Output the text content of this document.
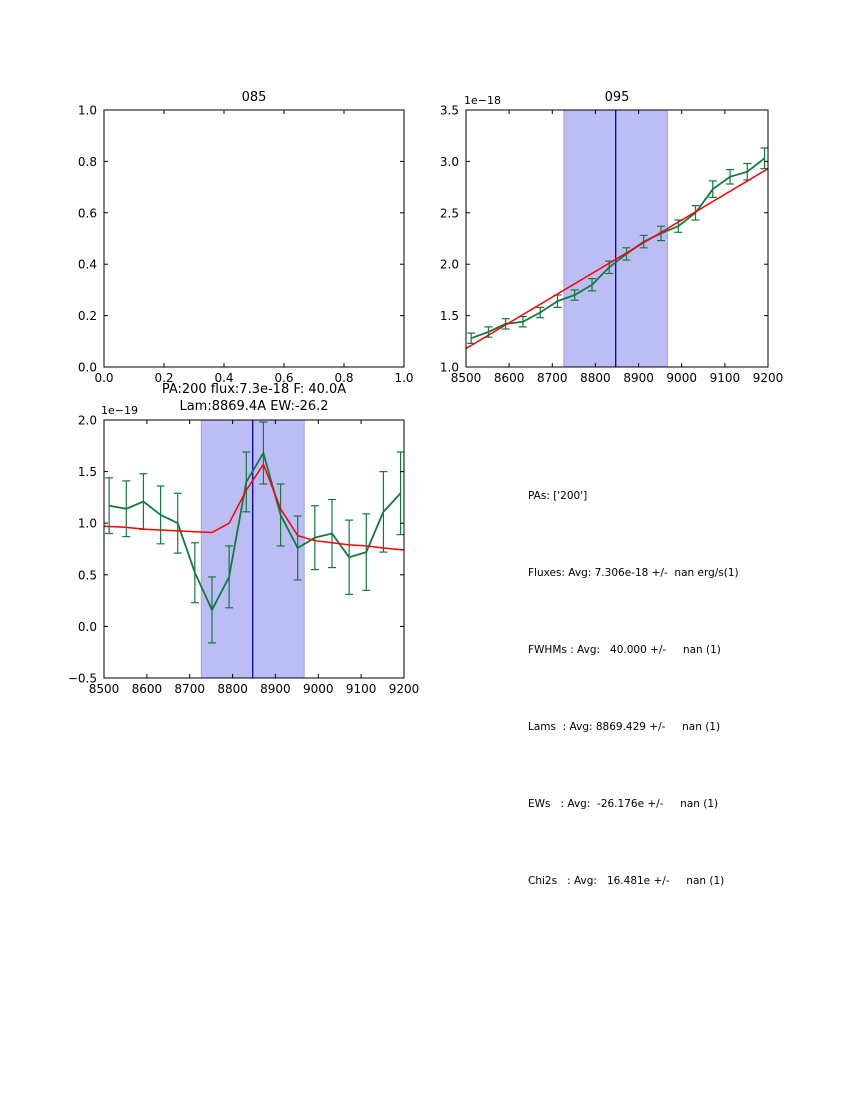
0.0	0.2	0.4	0.6	0.8	1.0
0.0
0.2
0.4
0.6
0.8
1.0
8500 8600 8700 8800 8900 9000 9100 9200
1.0
1.5
2.0
2.5
3.0
3.5
8500 8600 8700 8800 8900 9000 9100 9200
−0.5
0.0
0.5
1.0
1.5
2.0
085	095
1e−18
PA:200 flux:7.3e-18 F: 40.0A
Lam:8869.4A EW:-26.2
1e−19

PAs: ['200']

Fluxes: Avg: 7.306e-18 +/-  nan erg/s(1)

FWHMs : Avg:   40.000 +/-     nan (1)

Lams  : Avg: 8869.429 +/-     nan (1)

EWs   : Avg:  -26.176e +/-     nan (1)

Chi2s   : Avg:   16.481e +/-     nan (1)
